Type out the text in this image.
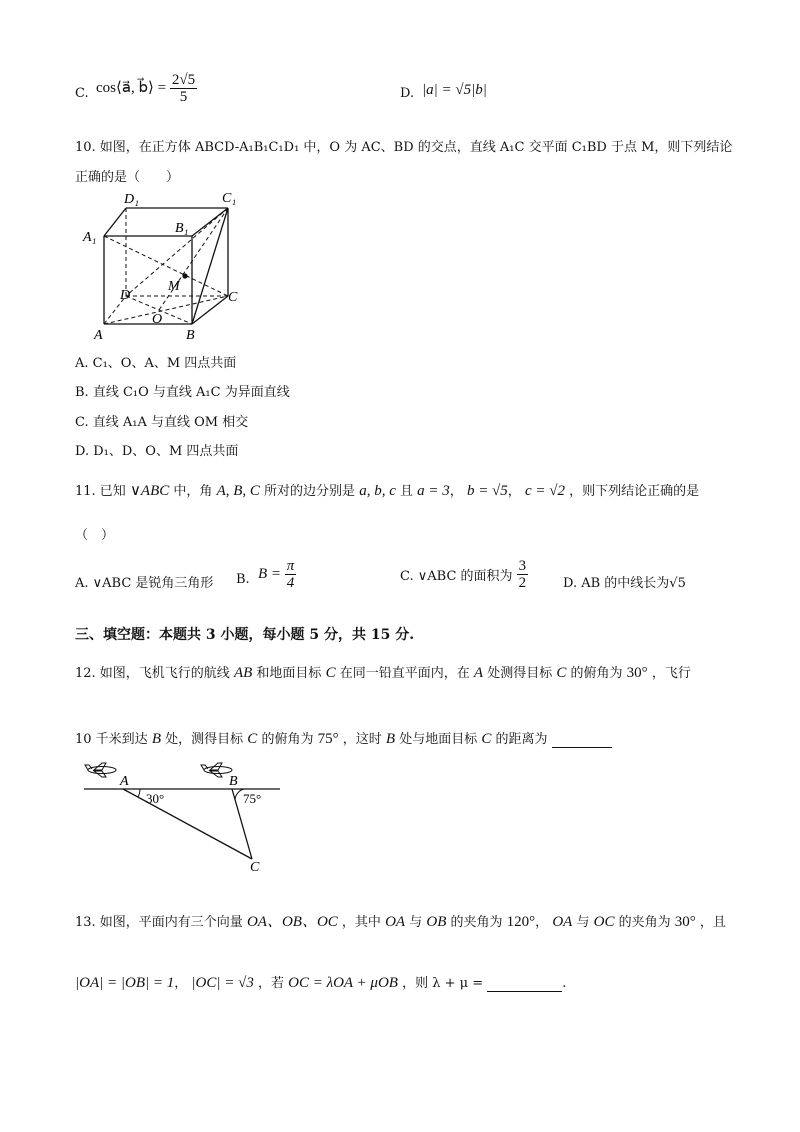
C. cos⟨a⃗, b⃗⟩ = $\frac{2√5}{5}$	D. |a| = √5|b|
10. 如图，在正方体 ABCD-A₁B₁C₁D₁ 中，O 为 AC、BD 的交点，直线 A₁C 交平面 C₁BD 于点 M，则下列结论
正确的是（　　）
D₁	C₁
A₁
B₁
M
D	C
O
A	B
A. C₁、O、A、M 四点共面
B. 直线 C₁O 与直线 A₁C 为异面直线
C. 直线 A₁A 与直线 OM 相交
D. D₁、D、O、M 四点共面
11. 已知 ∨ABC 中，角 A, B, C 所对的边分别是 a, b, c 且 a = 3， b = √5， c = √2 ，则下列结论正确的是
（　）
A. ∨ABC 是锐角三角形 B. $B = \frac{\pi}{4}$	C. ∨ABC 的面积为 $\frac{3}{2}$	D. AB 的中线长为√5
三、填空题：本题共 3 小题，每小题 5 分，共 15 分.
12. 如图，飞机飞行的航线 AB 和地面目标 C 在同一铅直平面内，在 A 处测得目标 C 的俯角为 30° ，飞行
10 千米到达 B 处，测得目标 C 的俯角为 75° ，这时 B 处与地面目标 C 的距离为
A	B
C
30°	75°
13. 如图，平面内有三个向量 OA、OB、OC ，其中 OA 与 OB 的夹角为 120°， OA 与 OC 的夹角为 30° ，且
|OA| = |OB| = 1， |OC| = √3 ，若 OC = λOA + μOB ，则 λ + μ =	.
